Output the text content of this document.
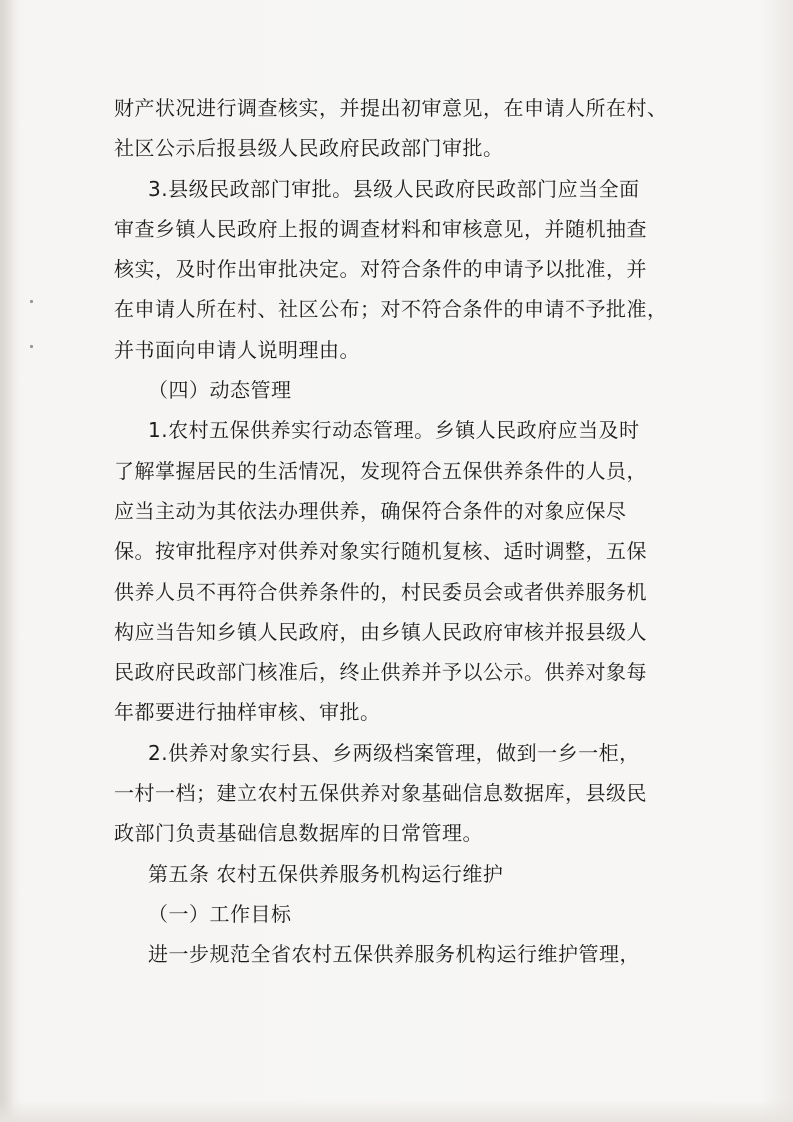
财产状况进行调查核实，并提出初审意见，在申请人所在村、
社区公示后报县级人民政府民政部门审批。
3.县级民政部门审批。县级人民政府民政部门应当全面
审查乡镇人民政府上报的调查材料和审核意见，并随机抽查
核实，及时作出审批决定。对符合条件的申请予以批准，并
在申请人所在村、社区公布；对不符合条件的申请不予批准，
并书面向申请人说明理由。
（四）动态管理
1.农村五保供养实行动态管理。乡镇人民政府应当及时
了解掌握居民的生活情况，发现符合五保供养条件的人员，
应当主动为其依法办理供养，确保符合条件的对象应保尽
保。按审批程序对供养对象实行随机复核、适时调整，五保
供养人员不再符合供养条件的，村民委员会或者供养服务机
构应当告知乡镇人民政府，由乡镇人民政府审核并报县级人
民政府民政部门核准后，终止供养并予以公示。供养对象每
年都要进行抽样审核、审批。
2.供养对象实行县、乡两级档案管理，做到一乡一柜，
一村一档；建立农村五保供养对象基础信息数据库，县级民
政部门负责基础信息数据库的日常管理。
第五条 农村五保供养服务机构运行维护
（一）工作目标
进一步规范全省农村五保供养服务机构运行维护管理，
